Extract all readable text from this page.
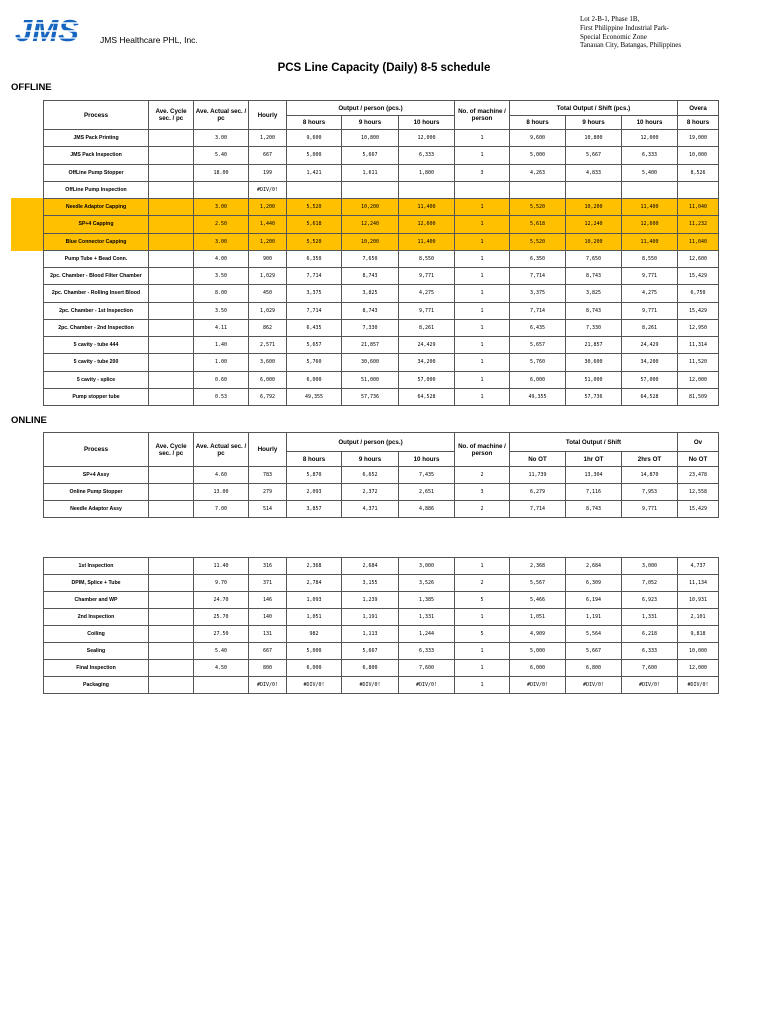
JMS	JMS Healthcare PHL, Inc.
Lot 2-B-1, Phase 1B,
First Philippine Industrial Park-
Special Economic Zone
Tanauan City, Batangas, Philippines
PCS Line Capacity (Daily) 8-5 schedule
OFFLINE
Process	Ave. Cycle sec. / pc	Ave. Actual sec. / pc	Hourly	Output / person (pcs.)			No. of machine / person	Total Output / Shift (pcs.)			Overa
				8 hours	9 hours	10 hours		8 hours	9 hours	10 hours	8 hours
JMS Pack Printing		3.00	1,200	9,600	10,800	12,000	1	9,600	10,800	12,000	19,000
JMS Pack Inspection		5.40	667	5,000	5,667	6,333	1	5,000	5,667	6,333	10,000
OffLine Pump Stopper		18.00	199	1,421	1,611	1,800	3	4,263	4,833	5,400	8,526
OffLine Pump Inspection			#DIV/0!								
Needle Adaptor Capping		3.00	1,200	5,520	10,200	11,400	1	5,520	10,200	11,400	11,040
SP+4 Capping		2.50	1,440	5,618	12,240	12,600	1	5,618	12,240	12,600	11,232
Blue Connector Capping		3.00	1,200	5,520	10,200	11,400	1	5,520	10,200	11,400	11,040
Pump Tube + Bead Conn.		4.00	900	6,350	7,650	8,550	1	6,350	7,650	8,550	12,600
2pc. Chamber - Blood Filter Chamber		3.50	1,029	7,714	8,743	9,771	1	7,714	8,743	9,771	15,429
2pc. Chamber - Rolling Insert Blood		8.00	450	3,375	3,825	4,275	1	3,375	3,825	4,275	6,750
2pc. Chamber - 1st Inspection		3.50	1,029	7,714	8,743	9,771	1	7,714	8,743	9,771	15,429
2pc. Chamber - 2nd Inspection		4.11	862	6,435	7,330	8,261	1	6,435	7,330	8,261	12,950
5 cavity - tube 444		1.40	2,571	5,657	21,857	24,429	1	5,657	21,857	24,429	11,314
5 cavity - tube 200		1.00	3,600	5,760	30,600	34,200	1	5,760	30,600	34,200	11,520
5 cavity - splice		0.60	6,000	6,000	51,000	57,000	1	6,000	51,000	57,000	12,000
Pump stopper tube		0.53	6,792	49,355	57,736	64,528	1	49,355	57,736	64,528	81,509
ONLINE
Process	Ave. Cycle sec. / pc	Ave. Actual sec. / pc	Hourly	Output / person (pcs.)			No. of machine / person	Total Output / Shift			Ov
				8 hours	9 hours	10 hours		No OT	1hr OT	2hrs OT	No OT
SP+4 Assy		4.60	783	5,870	6,652	7,435	2	11,739	13,304	14,870	23,478
Online Pump Stopper		13.00	279	2,093	2,372	2,651	3	6,279	7,116	7,953	12,558
Needle Adaptor Assy		7.00	514	3,857	4,371	4,886	2	7,714	8,743	9,771	15,429
1st Inspection		11.40	316	2,368	2,684	3,000	1	2,368	2,684	3,000	4,737
DPIM, Splice + Tube		9.70	371	2,784	3,155	3,526	2	5,567	6,309	7,052	11,134
Chamber and WP		24.70	146	1,093	1,239	1,385	5	5,466	6,194	6,923	10,931
2nd Inspection		25.70	140	1,051	1,191	1,331	1	1,051	1,191	1,331	2,101
Coiling		27.50	131	982	1,113	1,244	5	4,909	5,564	6,218	9,818
Sealing		5.40	667	5,000	5,667	6,333	1	5,000	5,667	6,333	10,000
Final Inspection		4.50	800	6,000	6,800	7,600	1	6,000	6,800	7,600	12,000
Packaging			#DIV/0!	#DIV/0!	#DIV/0!	#DIV/0!	1	#DIV/0!	#DIV/0!	#DIV/0!	#DIV/0!
